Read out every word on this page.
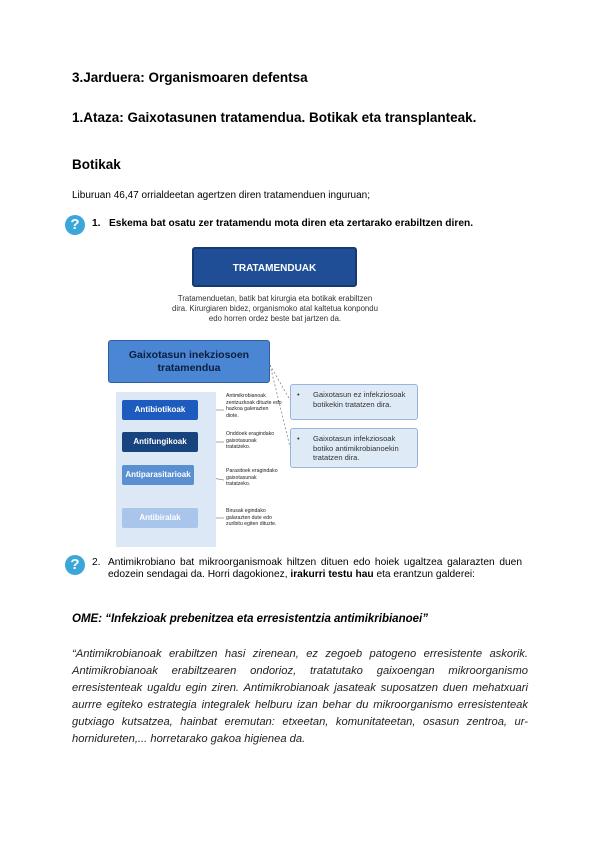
3.Jarduera: Organismoaren defentsa
1.Ataza: Gaixotasunen tratamendua. Botikak eta transplanteak.
Botikak
Liburuan 46,47 orrialdeetan agertzen diren tratamenduen inguruan;
?	1. Eskema bat osatu zer tratamendu mota diren eta zertarako erabiltzen diren.
TRATAMENDUAK
Tratamenduetan, batik bat kirurgia eta botikak erabiltzen dira. Kirurgiaren bidez, organismoko atal kaltetua konpondu edo horren ordez beste bat jartzen da.
Gaixotasun inekziosoen tratamendua
Antibiotikoak
Antifungikoak
Antiparasitarioak
Antibiralak
Antimikrobianoak zentzuzkoak dituzte edo hazkoa galerazten diote.
Onddoek eragindako gaixotasunak tratatzeko.
Parasitoek eragindako gaixotasunak tratatzeko.
Birusak egindako galarazten dute edo zuribitu egiten dituzte.
•	Gaixotasun ez infekziosoak botikekin tratatzen dira.
•	Gaixotasun infekziosoak botiko antimikrobianoekin tratatzen dira.
?	2. Antimikrobiano bat mikroorganismoak hiltzen dituen edo hoiek ugaltzea galarazten duen edozein sendagai da. Horri dagokionez, irakurri testu hau eta erantzun galderei:
OME: “Infekzioak prebenitzea eta erresistentzia antimikribianoei”
“Antimikrobianoak erabiltzen hasi zirenean, ez zegoeb patogeno erresistente askorik. Antimikrobianoak erabiltzearen ondorioz, tratatutako gaixoengan mikroorganismo erresistenteak ugaldu egin ziren. Antimikrobianoak jasateak suposatzen duen mehatxuari aurrre egiteko estrategia integralek helburu izan behar du mikroorganismo erresistenteak gutxiago kutsatzea, hainbat eremutan: etxeetan, komunitateetan, osasun zentroa, ur-hornidureten,... horretarako gakoa higienea da.
